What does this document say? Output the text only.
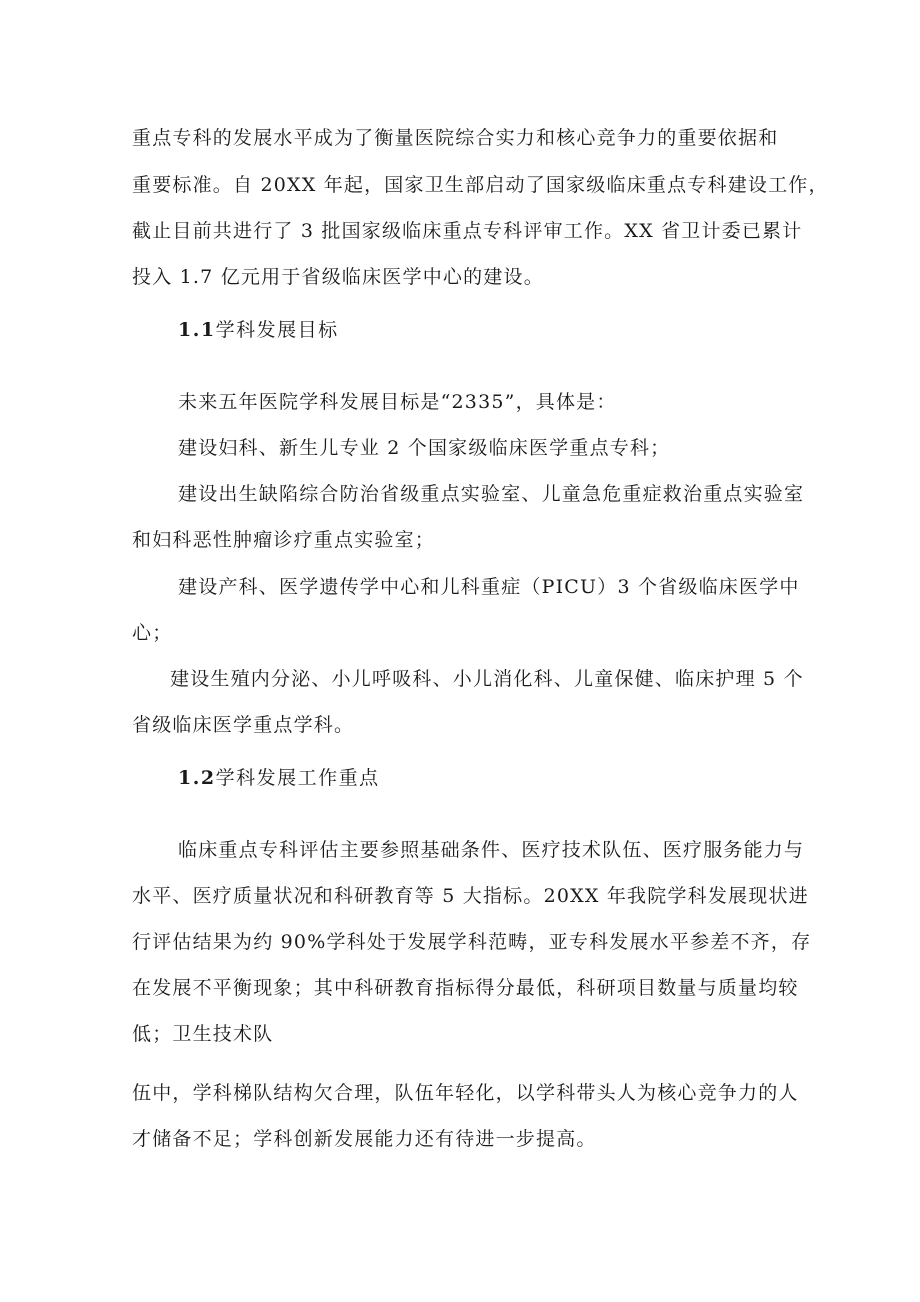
重点专科的发展水平成为了衡量医院综合实力和核心竞争力的重要依据和
重要标准。自 20XX 年起，国家卫生部启动了国家级临床重点专科建设工作，
截止目前共进行了 3 批国家级临床重点专科评审工作。XX 省卫计委已累计
投入 1.7 亿元用于省级临床医学中心的建设。
1.1学科发展目标
未来五年医院学科发展目标是“2335”，具体是：
建设妇科、新生儿专业 2 个国家级临床医学重点专科；
建设出生缺陷综合防治省级重点实验室、儿童急危重症救治重点实验室
和妇科恶性肿瘤诊疗重点实验室；
建设产科、医学遗传学中心和儿科重症（PICU）3 个省级临床医学中
心；
建设生殖内分泌、小儿呼吸科、小儿消化科、儿童保健、临床护理 5 个
省级临床医学重点学科。
1.2学科发展工作重点
临床重点专科评估主要参照基础条件、医疗技术队伍、医疗服务能力与
水平、医疗质量状况和科研教育等 5 大指标。20XX 年我院学科发展现状进
行评估结果为约 90%学科处于发展学科范畴，亚专科发展水平参差不齐，存
在发展不平衡现象；其中科研教育指标得分最低，科研项目数量与质量均较
低；卫生技术队
伍中，学科梯队结构欠合理，队伍年轻化，以学科带头人为核心竞争力的人
才储备不足；学科创新发展能力还有待进一步提高。
